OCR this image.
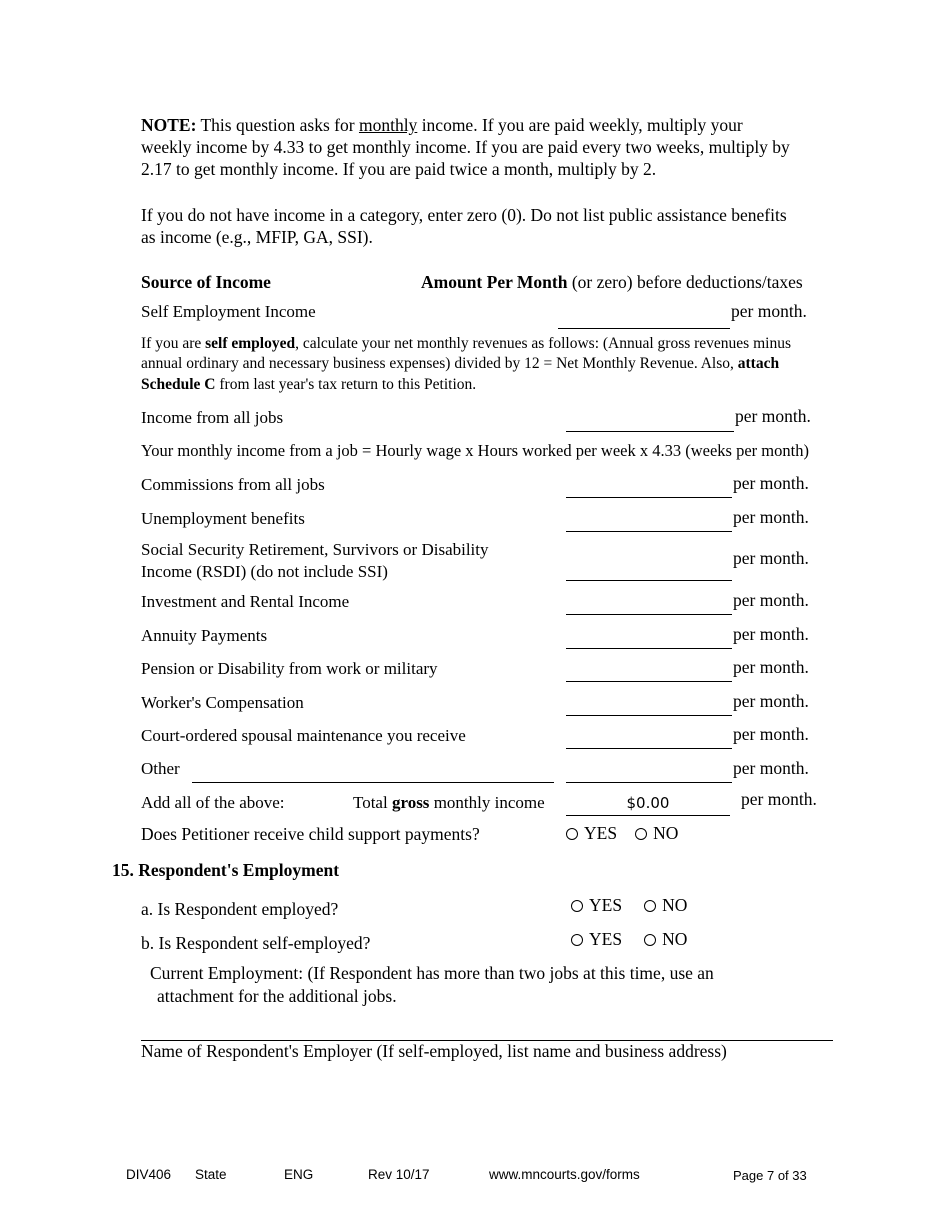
NOTE: This question asks for monthly income. If you are paid weekly, multiply your
weekly income by 4.33 to get monthly income. If you are paid every two weeks, multiply by
2.17 to get monthly income. If you are paid twice a month, multiply by 2.
If you do not have income in a category, enter zero (0). Do not list public assistance benefits
as income (e.g., MFIP, GA, SSI).
Source of Income	Amount Per Month (or zero) before deductions/taxes
Self Employment Income	per month.
If you are self employed, calculate your net monthly revenues as follows: (Annual gross revenues minus
annual ordinary and necessary business expenses) divided by 12 = Net Monthly Revenue. Also, attach
Schedule C from last year's tax return to this Petition.
Income from all jobs	per month.
Your monthly income from a job = Hourly wage x Hours worked per week x 4.33 (weeks per month)
Commissions from all jobs	per month.
Unemployment benefits	per month.
Social Security Retirement, Survivors or Disability
Income (RSDI) (do not include SSI)
per month.
Investment and Rental Income	per month.
Annuity Payments	per month.
Pension or Disability from work or military	per month.
Worker's Compensation	per month.
Court-ordered spousal maintenance you receive	per month.
Other	per month.
Add all of the above:	Total gross monthly income	$0.00	per month.
Does Petitioner receive child support payments?	YES NO
15. Respondent's Employment
a. Is Respondent employed?	YES NO
b. Is Respondent self-employed?	YES NO
Current Employment: (If Respondent has more than two jobs at this time, use an
attachment for the additional jobs.
Name of Respondent's Employer (If self-employed, list name and business address)
DIV406 State	ENG	Rev 10/17	www.mncourts.gov/forms	Page 7 of 33
